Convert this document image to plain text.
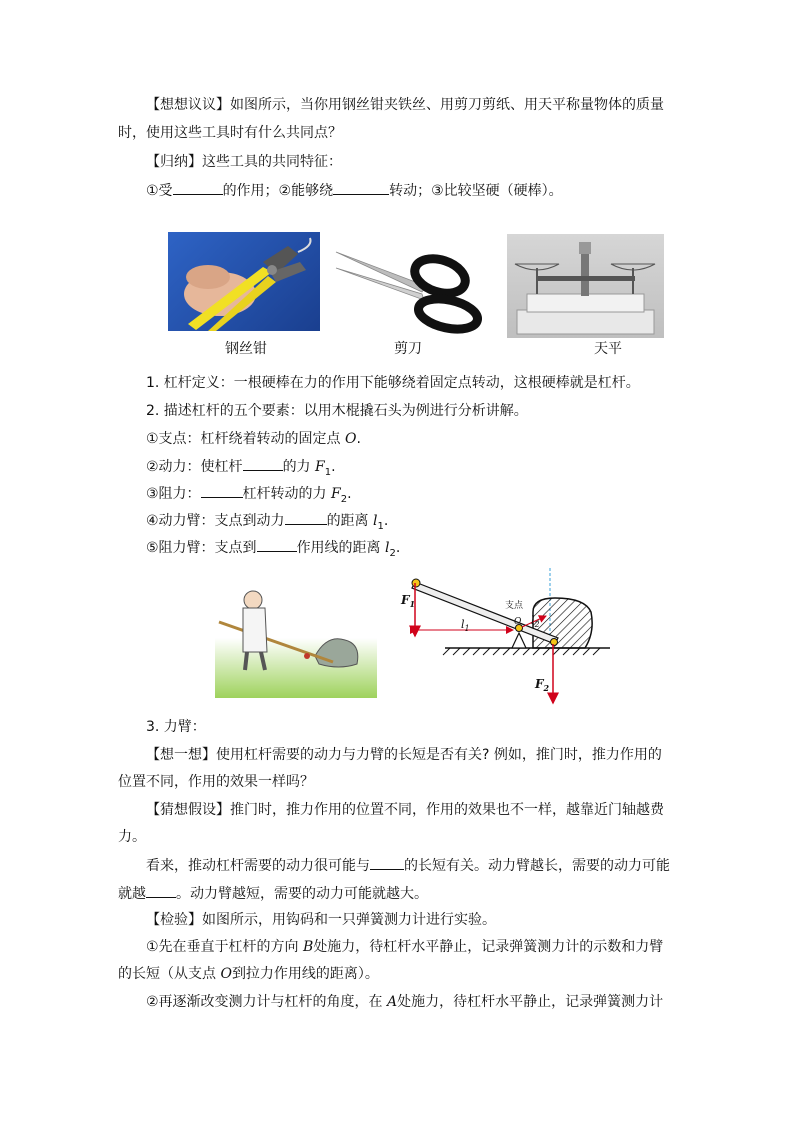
【想想议议】如图所示，当你用钢丝钳夹铁丝、用剪刀剪纸、用天平称量物体的质量
时，使用这些工具时有什么共同点？
【归纳】这些工具的共同特征：
①受	的作用；②能够绕	转动；③比较坚硬（硬棒）。
钢丝钳	剪刀	天平
1. 杠杆定义：一根硬棒在力的作用下能够绕着固定点转动，这根硬棒就是杠杆。
2. 描述杠杆的五个要素：以用木棍撬石头为例进行分析讲解。
①支点：杠杆绕着转动的固定点 O.
②动力：使杠杆	的力 $F_1$.
③阻力：	杠杆转动的力 $F_2$.
④动力臂：支点到动力	的距离 $l_1$.
⑤阻力臂：支点到	作用线的距离 $l_2$.
$F_1$
$F_2$
$l_1$
$l_2$
支点
O
3. 力臂：
【想一想】使用杠杆需要的动力与力臂的长短是否有关? 例如，推门时，推力作用的
位置不同，作用的效果一样吗？
【猜想假设】推门时，推力作用的位置不同，作用的效果也不一样，越靠近门轴越费
力。
看来，推动杠杆需要的动力很可能与 的长短有关。动力臂越长，需要的动力可能
就越 。动力臂越短，需要的动力可能就越大。
【检验】如图所示，用钩码和一只弹簧测力计进行实验。
①先在垂直于杠杆的方向 B处施力，待杠杆水平静止，记录弹簧测力计的示数和力臂
的长短（从支点 O到拉力作用线的距离）。
②再逐渐改变测力计与杠杆的角度，在 A处施力，待杠杆水平静止，记录弹簧测力计
